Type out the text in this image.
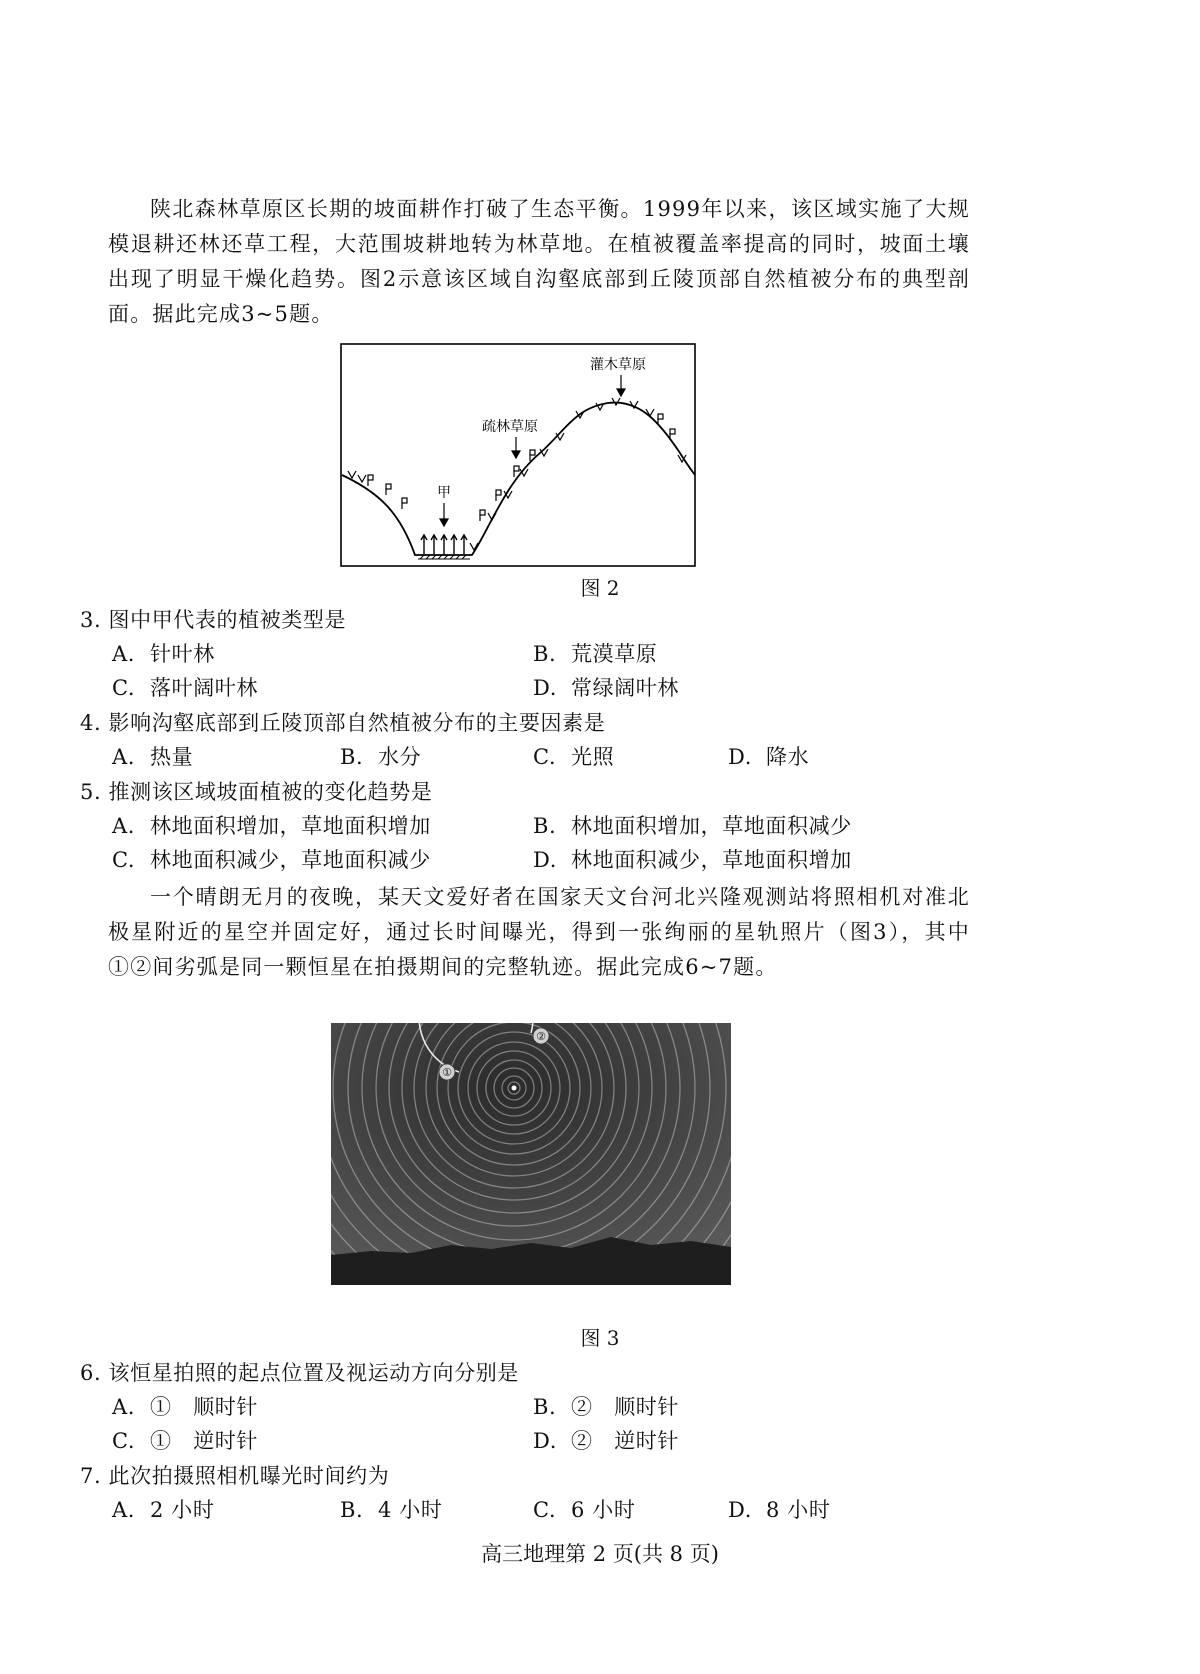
陕北森林草原区长期的坡面耕作打破了生态平衡。1999年以来，该区域实施了大规模退耕还林还草工程，大范围坡耕地转为林草地。在植被覆盖率提高的同时，坡面土壤出现了明显干燥化趋势。图2示意该区域自沟壑底部到丘陵顶部自然植被分布的典型剖面。据此完成3~5题。

灌木草原
疏林草原
甲
图 2
3. 图中甲代表的植被类型是
A. 针叶林	B. 荒漠草原
C. 落叶阔叶林	D. 常绿阔叶林
4. 影响沟壑底部到丘陵顶部自然植被分布的主要因素是
A. 热量	B. 水分	C. 光照	D. 降水
5. 推测该区域坡面植被的变化趋势是
A. 林地面积增加，草地面积增加	B. 林地面积增加，草地面积减少
C. 林地面积减少，草地面积减少	D. 林地面积减少，草地面积增加

一个晴朗无月的夜晚，某天文爱好者在国家天文台河北兴隆观测站将照相机对准北极星附近的星空并固定好，通过长时间曝光，得到一张绚丽的星轨照片（图3），其中①②间劣弧是同一颗恒星在拍摄期间的完整轨迹。据此完成6~7题。

①
②
图 3
6. 该恒星拍照的起点位置及视运动方向分别是
A. ①　顺时针	B. ②　顺时针
C. ①　逆时针	D. ②　逆时针
7. 此次拍摄照相机曝光时间约为
A. 2 小时	B. 4 小时	C. 6 小时	D. 8 小时
高三地理第 2 页(共 8 页)
